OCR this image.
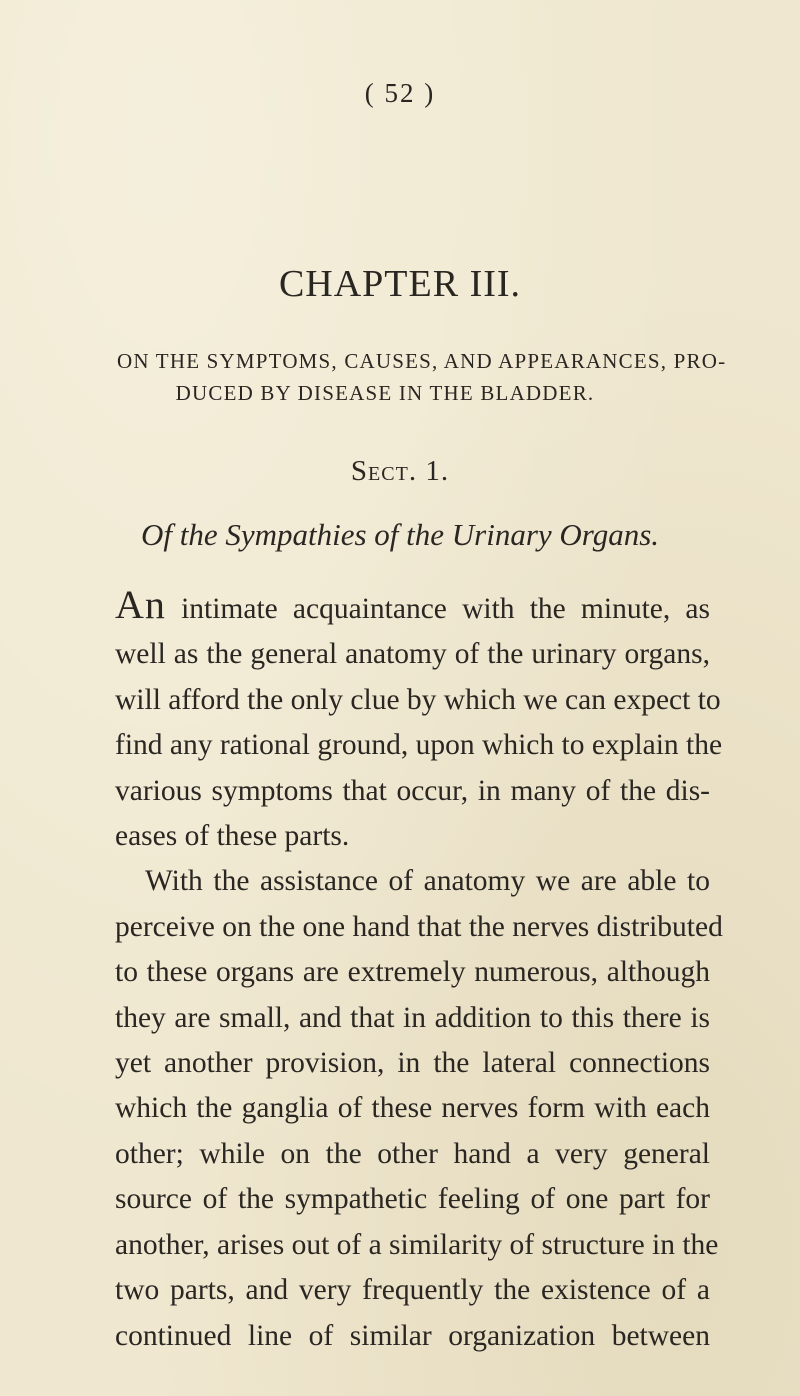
( 52 )
CHAPTER III.
ON THE SYMPTOMS, CAUSES, AND APPEARANCES, PRO-
DUCED BY DISEASE IN THE BLADDER.
Sect. 1.
Of the Sympathies of the Urinary Organs.

An intimate acquaintance with the minute, as
well as the general anatomy of the urinary organs,
will afford the only clue by which we can expect to
find any rational ground, upon which to explain the
various symptoms that occur, in many of the dis-
eases of these parts.

With the assistance of anatomy we are able to
perceive on the one hand that the nerves distributed
to these organs are extremely numerous, although
they are small, and that in addition to this there is
yet another provision, in the lateral connections
which the ganglia of these nerves form with each
other; while on the other hand a very general
source of the sympathetic feeling of one part for
another, arises out of a similarity of structure in the
two parts, and very frequently the existence of a
continued line of similar organization between
